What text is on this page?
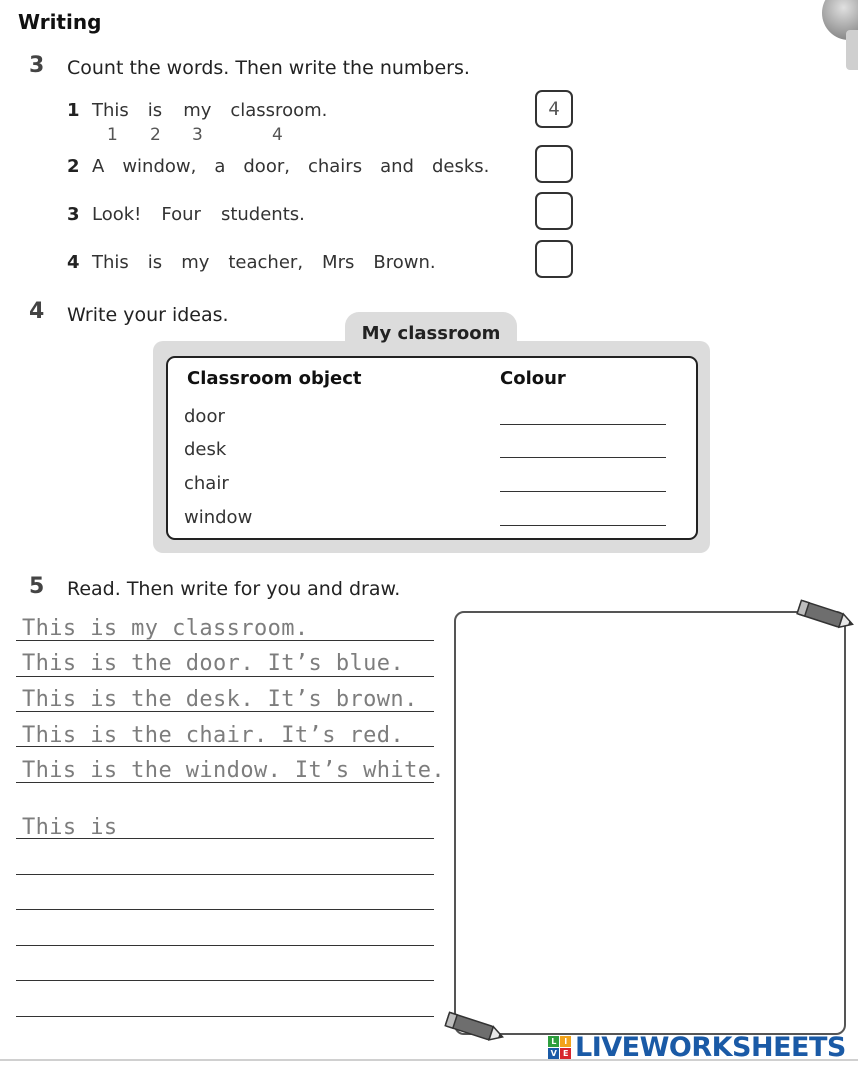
Writing
3 Count the words. Then write the numbers.
1 This is my classroom.
1 2 3	4
4
2 A window, a door, chairs and desks.
3 Look! Four students.
4 This is my teacher, Mrs Brown.
4 Write your ideas.
My classroom
Classroom object	Colour
door
desk
chair
window
5 Read. Then write for you and draw.
This is my classroom.
This is the door. It’s blue.
This is the desk. It’s brown.
This is the chair. It’s red.
This is the window. It’s white.
This is
L	I
V E LIVEWORKSHEETS
